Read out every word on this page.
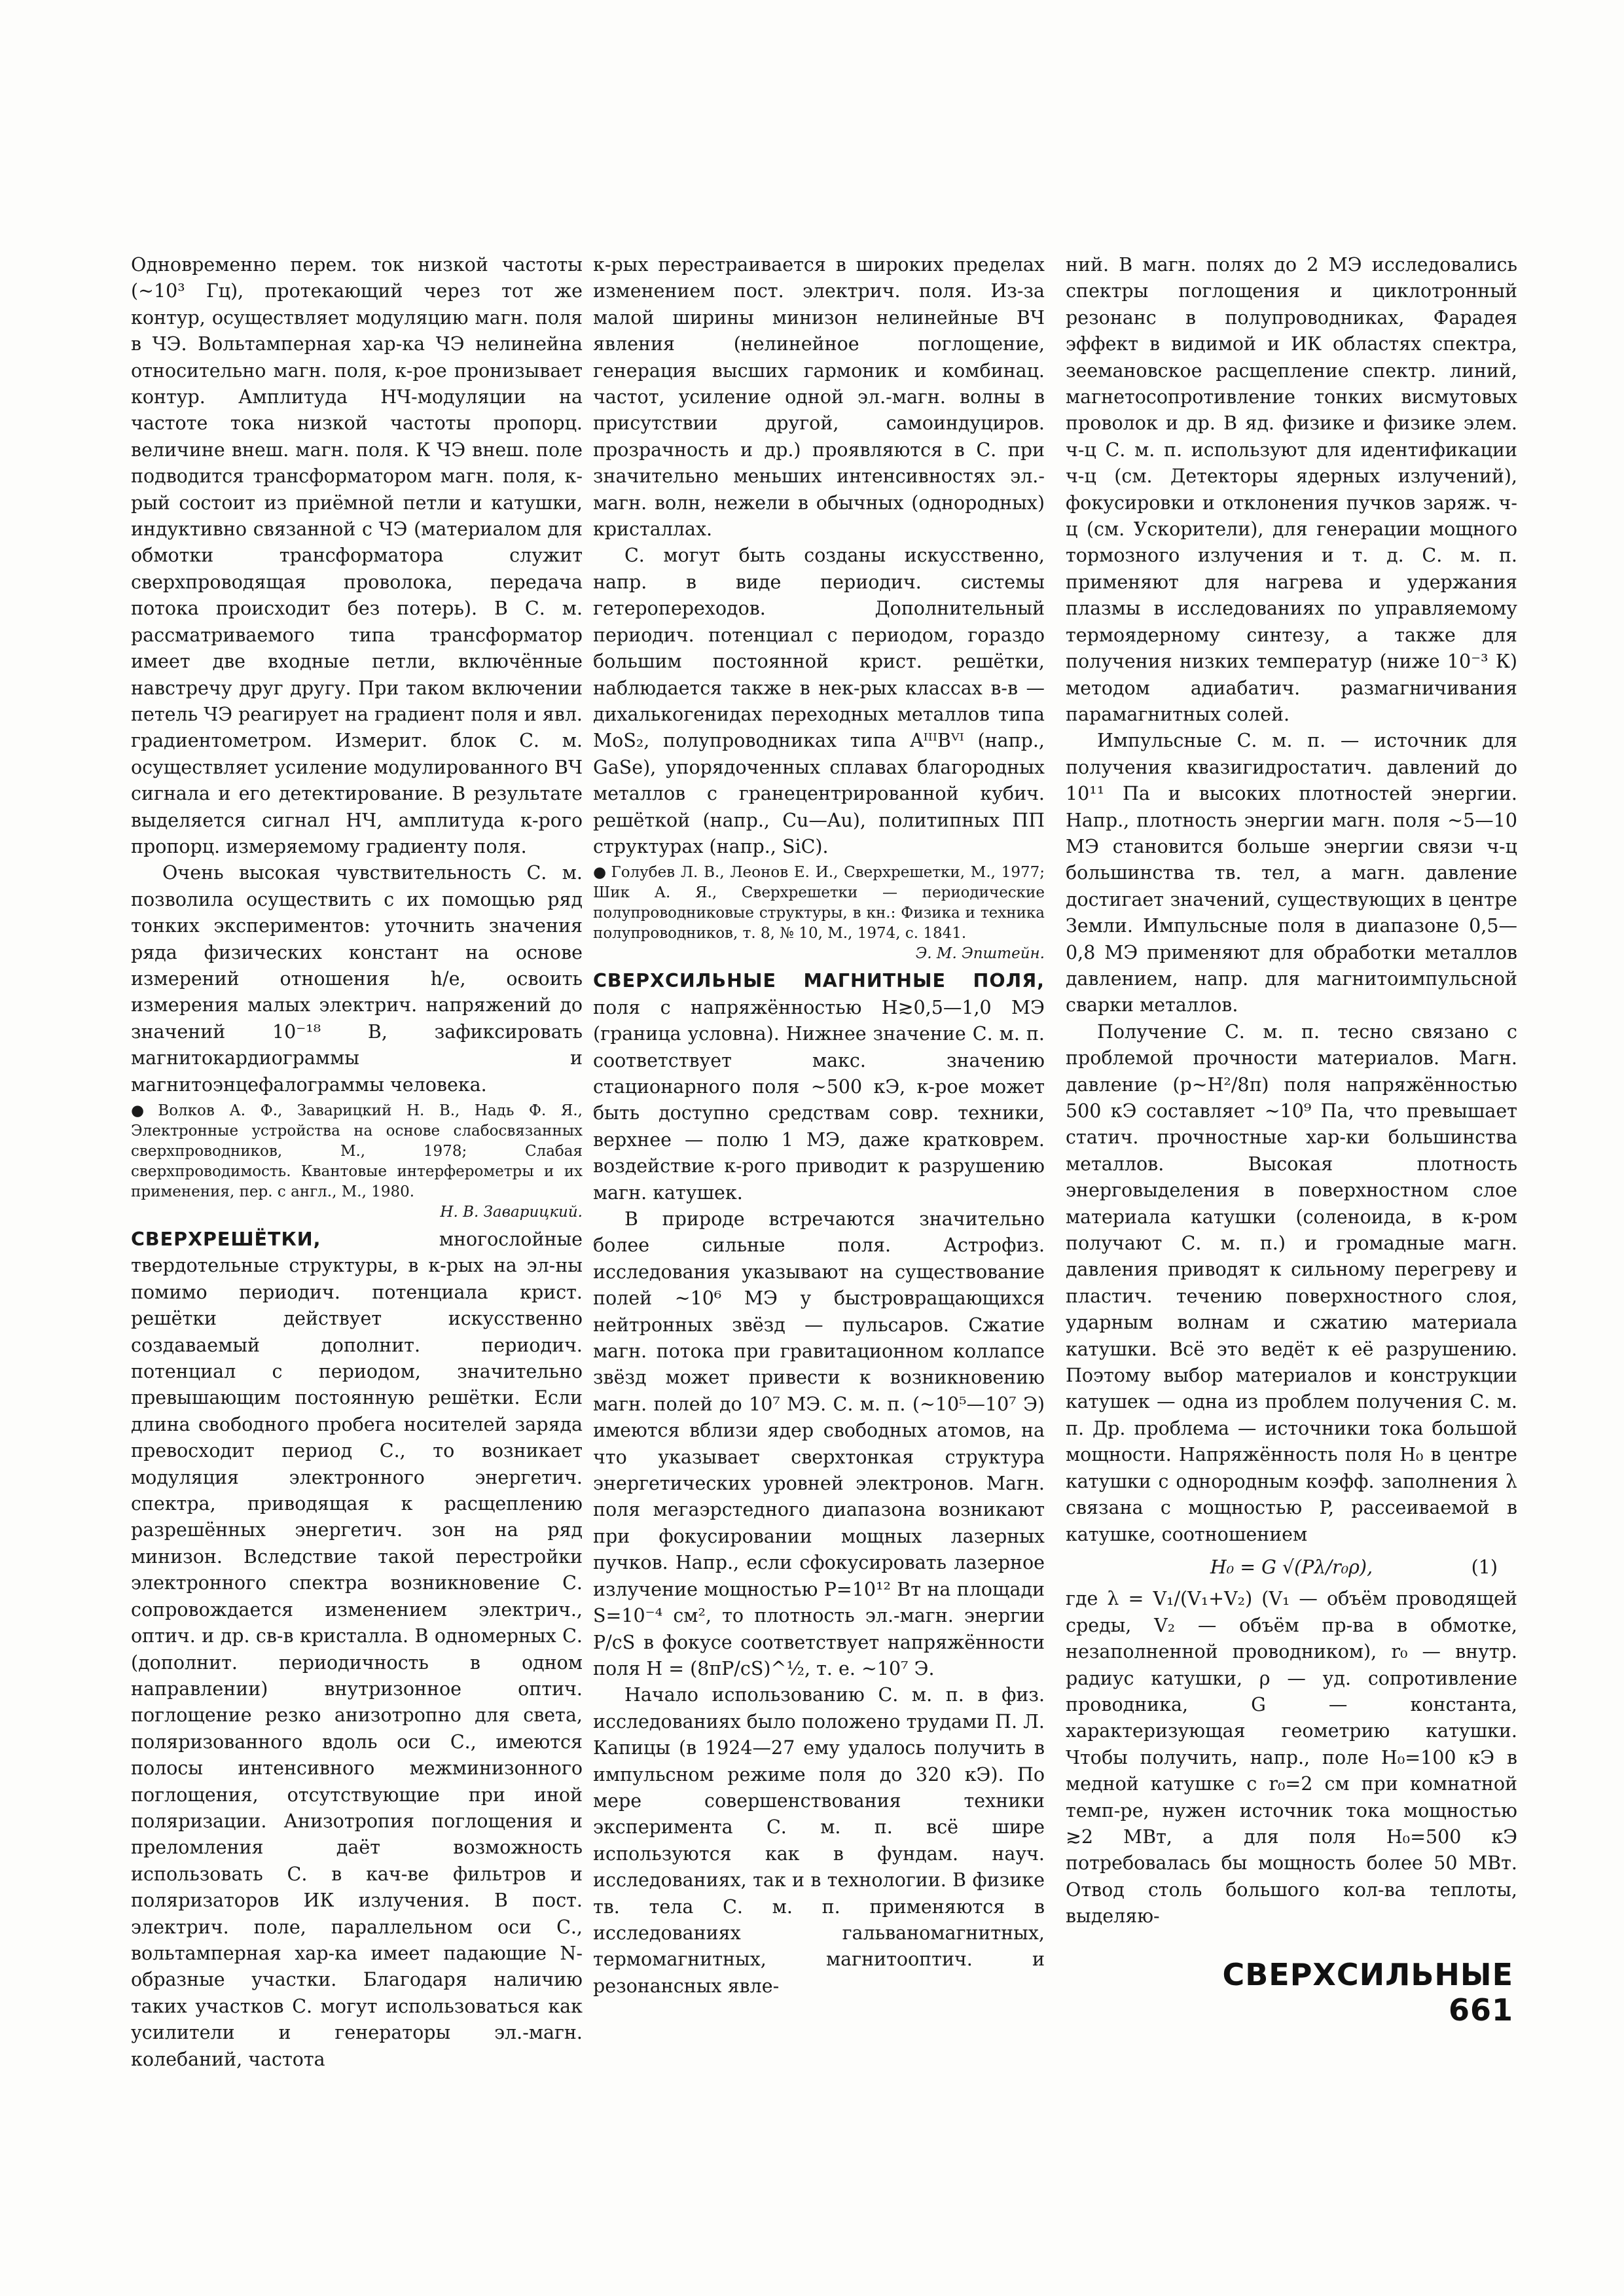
Одновременно перем. ток низкой частоты (~10³ Гц), протекающий через тот же контур, осуществляет модуляцию магн. поля в ЧЭ. Вольтамперная хар-ка ЧЭ нелинейна относительно магн. поля, к-рое пронизывает контур. Амплитуда НЧ-модуляции на частоте тока низкой частоты пропорц. величине внеш. магн. поля. К ЧЭ внеш. поле подводится трансформатором магн. поля, к-рый состоит из приёмной петли и катушки, индуктивно связанной с ЧЭ (материалом для обмотки трансформатора служит сверхпроводящая проволока, передача потока происходит без потерь). В С. м. рассматриваемого типа трансформатор имеет две входные петли, включённые навстречу друг другу. При таком включении петель ЧЭ реагирует на градиент поля и явл. градиентометром. Измерит. блок С. м. осуществляет усиление модулированного ВЧ сигнала и его детектирование. В результате выделяется сигнал НЧ, амплитуда к-рого пропорц. измеряемому градиенту поля.

Очень высокая чувствительность С. м. позволила осуществить с их помощью ряд тонких экспериментов: уточнить значения ряда физических констант на основе измерений отношения h/e, освоить измерения малых электрич. напряжений до значений 10⁻¹⁸ В, зафиксировать магнитокардиограммы и магнитоэнцефалограммы человека.

● Волков А. Ф., Заварицкий Н. В., Надь Ф. Я., Электронные устройства на основе слабосвязанных сверхпроводников, М., 1978; Слабая сверхпроводимость. Квантовые интерферометры и их применения, пер. с англ., М., 1980.
Н. В. Заварицкий.

СВЕРХРЕШЁТКИ,	многослойные твердотельные структуры, в к-рых на эл-ны помимо периодич. потенциала крист. решётки действует искусственно создаваемый дополнит. периодич. потенциал с периодом, значительно превышающим постоянную решётки. Если длина свободного пробега носителей заряда превосходит период С., то возникает модуляция электронного энергетич. спектра, приводящая к расщеплению разрешённых энергетич. зон на ряд минизон. Вследствие такой перестройки электронного спектра возникновение С. сопровождается изменением электрич., оптич. и др. св-в кристалла. В одномерных С. (дополнит. периодичность в одном направлении) внутризонное оптич. поглощение резко анизотропно для света, поляризованного вдоль оси С., имеются полосы интенсивного межминизонного поглощения, отсутствующие при иной поляризации. Анизотропия поглощения и преломления даёт возможность использовать С. в кач-ве фильтров и поляризаторов ИК излучения. В пост. электрич. поле, параллельном оси С., вольтамперная хар-ка имеет падающие N-образные участки. Благодаря наличию таких участков С. могут использоваться как усилители и генераторы эл.-магн. колебаний, частота

к-рых перестраивается в широких пределах изменением пост. электрич. поля. Из-за малой ширины минизон нелинейные ВЧ явления (нелинейное поглощение, генерация высших гармоник и комбинац. частот, усиление одной эл.-магн. волны в присутствии другой, самоиндуциров. прозрачность и др.) проявляются в С. при значительно меньших интенсивностях эл.-магн. волн, нежели в обычных (однородных) кристаллах.

С. могут быть созданы искусственно, напр. в виде периодич. системы гетеропереходов. Дополнительный периодич. потенциал с периодом, гораздо большим постоянной крист. решётки, наблюдается также в нек-рых классах в-в — дихалькогенидах переходных металлов типа MoS₂, полупроводниках типа AᴵᴵᴵBⱽᴵ (напр., GaSe), упорядоченных сплавах благородных металлов с гранецентрированной кубич. решёткой (напр., Cu—Au), политипных ПП структурах (напр., SiC).

● Голубев Л. В., Леонов Е. И., Сверхрешетки, М., 1977; Шик А. Я., Сверхрешетки — периодические полупроводниковые структуры, в кн.: Физика и техника полупроводников, т. 8, № 10, М., 1974, с. 1841.
Э. М. Эпштейн.

СВЕРХСИЛЬНЫЕ МАГНИТНЫЕ ПОЛЯ, поля с напряжённостью H≳0,5—1,0 МЭ (граница условна). Нижнее значение С. м. п. соответствует макс. значению стационарного поля ~500 кЭ, к-рое может быть доступно средствам совр. техники, верхнее — полю 1 МЭ, даже кратковрем. воздействие к-рого приводит к разрушению магн. катушек.

В природе встречаются значительно более сильные поля. Астрофиз. исследования указывают на существование полей ~10⁶ МЭ у быстровращающихся нейтронных звёзд — пульсаров. Сжатие магн. потока при гравитационном коллапсе звёзд может привести к возникновению магн. полей до 10⁷ МЭ. С. м. п. (~10⁵—10⁷ Э) имеются вблизи ядер свободных атомов, на что указывает сверхтонкая структура энергетических уровней электронов. Магн. поля мегаэрстедного диапазона возникают при фокусировании мощных лазерных пучков. Напр., если сфокусировать лазерное излучение мощностью P=10¹² Вт на площади S=10⁻⁴ см², то плотность эл.-магн. энергии P/cS в фокусе соответствует напряжённости поля H = (8πP/cS)^½, т. е. ~10⁷ Э.

Начало использованию С. м. п. в физ. исследованиях было положено трудами П. Л. Капицы (в 1924—27 ему удалось получить в импульсном режиме поля до 320 кЭ). По мере совершенствования техники эксперимента С. м. п. всё шире используются как в фундам. науч. исследованиях, так и в технологии. В физике тв. тела С. м. п. применяются в исследованиях гальваномагнитных, термомагнитных, магнитооптич. и резонансных явле-

ний. В магн. полях до 2 МЭ исследовались спектры поглощения и циклотронный резонанс в полупроводниках, Фарадея эффект в видимой и ИК областях спектра, зеемановское расщепление спектр. линий, магнетосопротивление тонких висмутовых проволок и др. В яд. физике и физике элем. ч-ц С. м. п. используют для идентификации ч-ц (см. Детекторы ядерных излучений), фокусировки и отклонения пучков заряж. ч-ц (см. Ускорители), для генерации мощного тормозного излучения и т. д. С. м. п. применяют для нагрева и удержания плазмы в исследованиях по управляемому термоядерному синтезу, а также для получения низких температур (ниже 10⁻³ К) методом адиабатич. размагничивания парамагнитных солей.

Импульсные С. м. п. — источник для получения квазигидростатич. давлений до 10¹¹ Па и высоких плотностей энергии. Напр., плотность энергии магн. поля ~5—10 МЭ становится больше энергии связи ч-ц большинства тв. тел, а магн. давление достигает значений, существующих в центре Земли. Импульсные поля в диапазоне 0,5—0,8 МЭ применяют для обработки металлов давлением, напр. для магнитоимпульсной сварки металлов.

Получение С. м. п. тесно связано с проблемой прочности материалов. Магн. давление (p~H²/8π) поля напряжённостью 500 кЭ составляет ~10⁹ Па, что превышает статич. прочностные хар-ки большинства металлов. Высокая плотность энерговыделения в поверхностном слое материала катушки (соленоида, в к-ром получают С. м. п.) и громадные магн. давления приводят к сильному перегреву и пластич. течению поверхностного слоя, ударным волнам и сжатию материала катушки. Всё это ведёт к её разрушению. Поэтому выбор материалов и конструкции катушек — одна из проблем получения С. м. п. Др. проблема — источники тока большой мощности. Напряжённость поля H₀ в центре катушки с однородным коэфф. заполнения λ связана с мощностью P, рассеиваемой в катушке, соотношением

H₀ = G √(Pλ/r₀ρ),	(1)

где λ = V₁/(V₁+V₂) (V₁ — объём проводящей среды, V₂ — объём пр-ва в обмотке, незаполненной проводником), r₀ — внутр. радиус катушки, ρ — уд. сопротивление проводника, G — константа, характеризующая геометрию катушки. Чтобы получить, напр., поле H₀=100 кЭ в медной катушке с r₀=2 см при комнатной темп-ре, нужен источник тока мощностью ≳2 МВт, а для поля H₀=500 кЭ потребовалась бы мощность более 50 МВт. Отвод столь большого кол-ва теплоты, выделяю-

СВЕРХСИЛЬНЫЕ661
